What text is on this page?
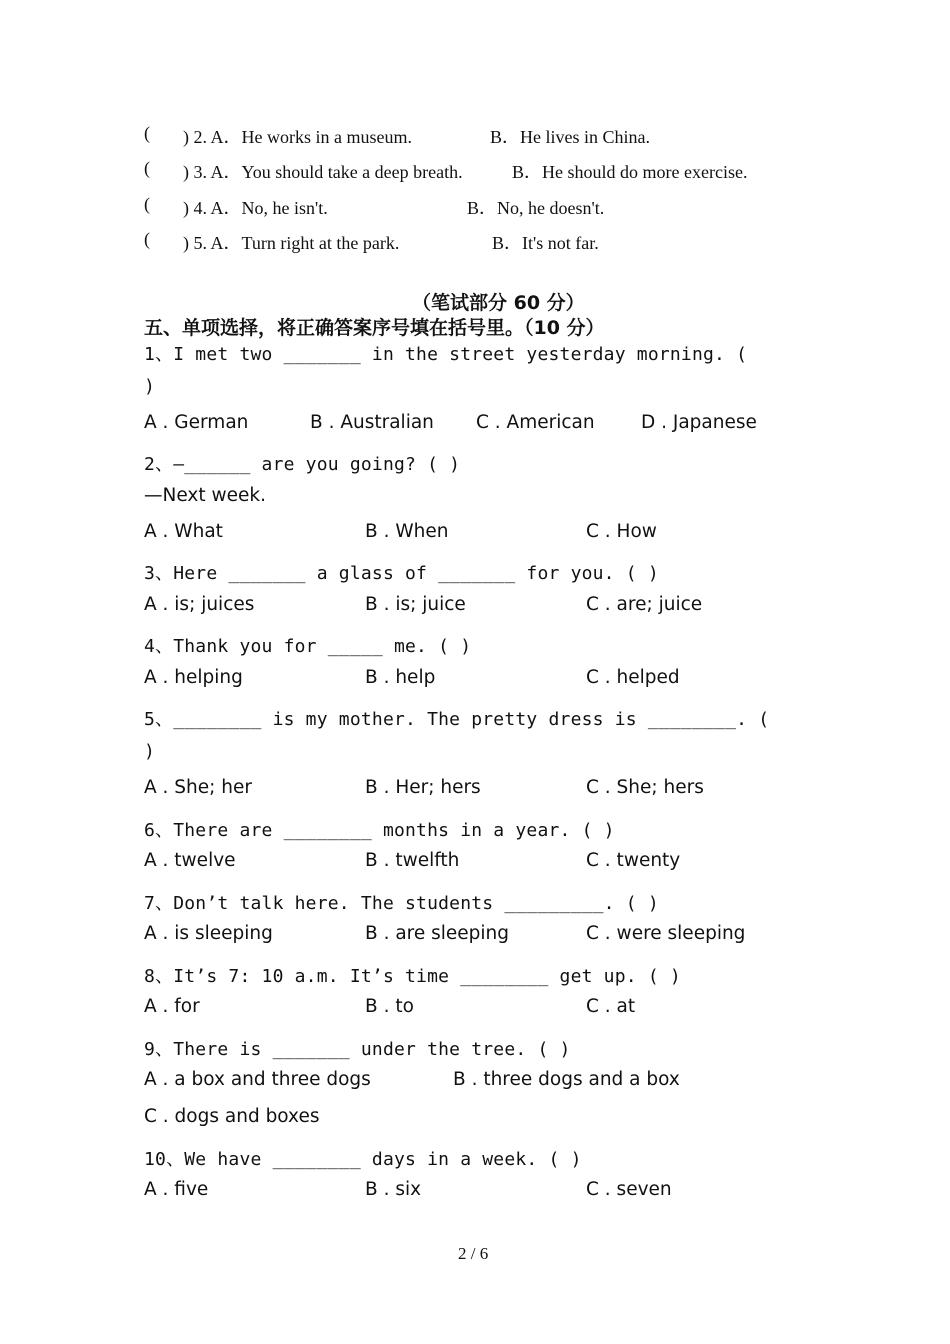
( ) 2. A．He works in a museum.	B．He lives in China.
( ) 3. A．You should take a deep breath.	B．He should do more exercise.
( ) 4. A．No, he isn't.	B．No, he doesn't.
( ) 5. A．Turn right at the park.	B．It's not far.
（笔试部分 60 分）
五、单项选择，将正确答案序号填在括号里。（10 分）
1、I met two _______ in the street yesterday morning. (
)
A . German	B . Australian C . American	D . Japanese
2、—______ are you going? ( )
—Next week.
A . What	B . When	C . How
3、Here _______ a glass of _______ for you. ( )
A . is; juices	B . is; juice	C . are; juice
4、Thank you for _____ me. ( )
A . helping	B . help	C . helped
5、________ is my mother. The pretty dress is ________. (
)
A . She; her	B . Her; hers	C . She; hers
6、There are ________ months in a year. ( )
A . twelve	B . twelfth	C . twenty
7、Don’t talk here. The students _________. ( )
A . is sleeping	B . are sleeping	C . were sleeping
8、It’s 7: 10 a.m. It’s time ________ get up. ( )
A . for	B . to	C . at
9、There is _______ under the tree. ( )
A . a box and three dogs	B . three dogs and a box
C . dogs and boxes
10、We have ________ days in a week. ( )
A . five	B . six	C . seven
2 / 6
